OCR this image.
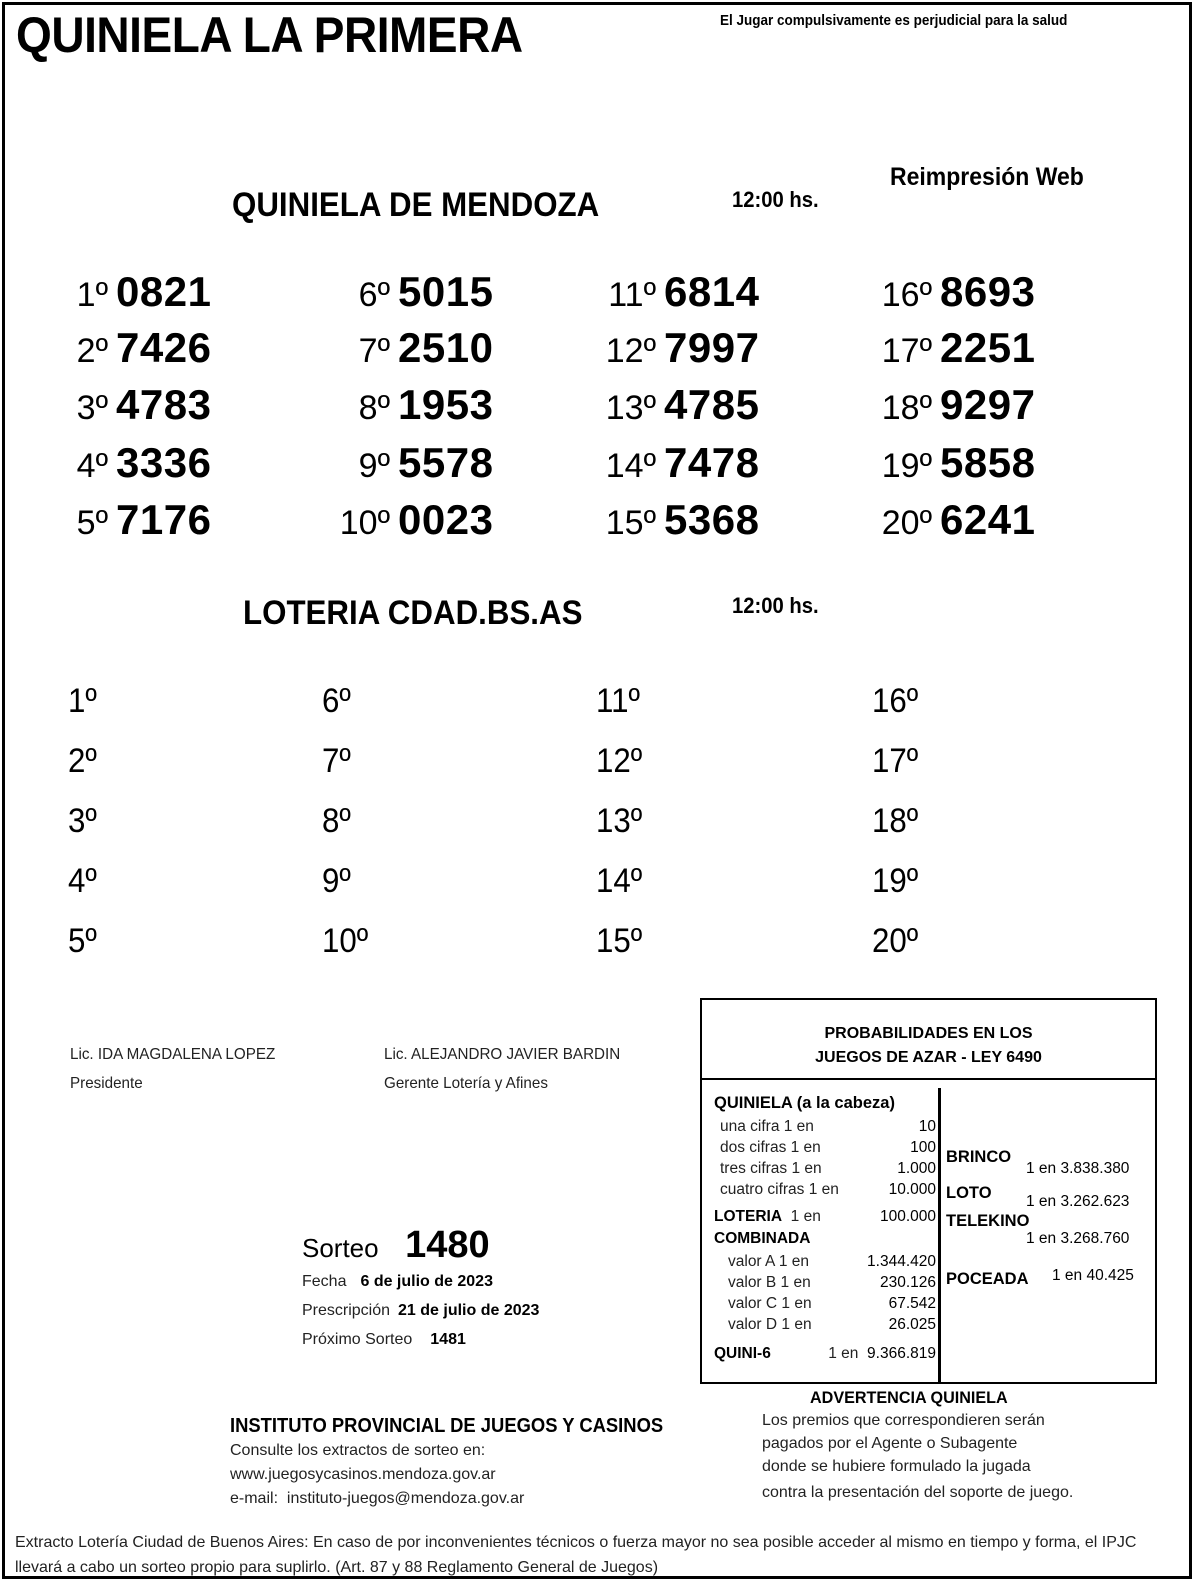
QUINIELA LA PRIMERA	El Jugar compulsivamente es perjudicial para la salud
Reimpresión Web
QUINIELA DE MENDOZA	12:00 hs.
1º 0821
2º 7426
3º 4783
4º 3336
5º 7176
6º 5015
7º 2510
8º 1953
9º 5578
10º 0023
11º 6814
12º 7997
13º 4785
14º 7478
15º 5368
16º 8693
17º 2251
18º 9297
19º 5858
20º 6241
LOTERIA CDAD.BS.AS	12:00 hs.
1º
2º
3º
4º
5º
6º
7º
8º
9º
10º
11º
12º
13º
14º
15º
16º
17º
18º
19º
20º
Lic. IDA MAGDALENA LOPEZ
Presidente
Lic. ALEJANDRO JAVIER BARDIN
Gerente Lotería y Afines
Sorteo 1480
Fecha 6 de julio de 2023
Prescripción 21 de julio de 2023
Próximo Sorteo 1481
PROBABILIDADES EN LOS
JUEGOS DE AZAR - LEY 6490
QUINIELA (a la cabeza)
una cifra 1 en	10
dos cifras 1 en	100
tres cifras 1 en	1.000
cuatro cifras 1 en	10.000
LOTERIA 1 en	100.000
COMBINADA
valor A 1 en	1.344.420
valor B 1 en	230.126
valor C 1 en	67.542
valor D 1 en	26.025
QUINI-6	1 en 9.366.819
BRINCO
1 en 3.838.380
LOTO 1 en 3.262.623
TELEKINO
1 en 3.268.760
POCEADA 1 en 40.425
INSTITUTO PROVINCIAL DE JUEGOS Y CASINOS
Consulte los extractos de sorteo en:
www.juegosycasinos.mendoza.gov.ar
e-mail: instituto-juegos@mendoza.gov.ar
ADVERTENCIA QUINIELA
Los premios que correspondieren serán
pagados por el Agente o Subagente
donde se hubiere formulado la jugada
contra la presentación del soporte de juego.
Extracto Lotería Ciudad de Buenos Aires: En caso de por inconvenientes técnicos o fuerza mayor no sea posible acceder al mismo en tiempo y forma, el IPJC llevará a cabo un sorteo propio para suplirlo. (Art. 87 y 88 Reglamento General de Juegos)
